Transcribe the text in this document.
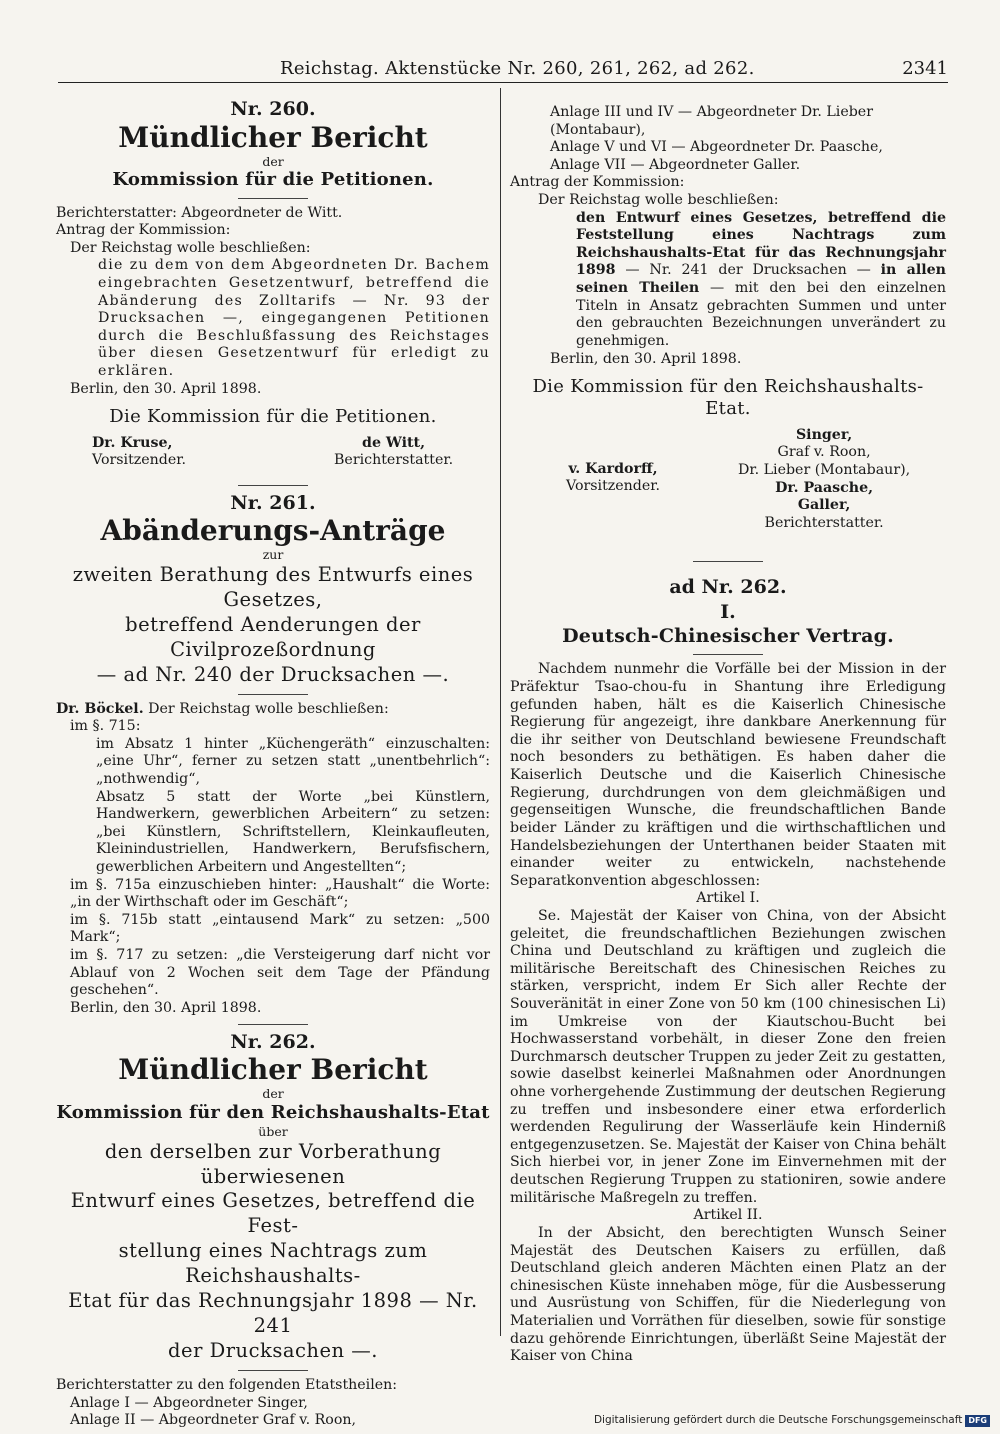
Reichstag. Aktenstücke Nr. 260, 261, 262, ad 262.	2341
Nr. 260.
Mündlicher Bericht
der
Kommission für die Petitionen.

Berichterstatter: Abgeordneter de Witt.

Antrag der Kommission:

Der Reichstag wolle beschließen:

die zu dem von dem Abgeordneten Dr. Bachem eingebrachten Gesetzentwurf, betreffend die Abänderung des Zolltarifs — Nr. 93 der Drucksachen —, eingegangenen Petitionen durch die Beschlußfassung des Reichstages über diesen Gesetzentwurf für erledigt zu erklären.

Berlin, den 30. April 1898.

Die Kommission für die Petitionen.
Dr. Kruse,
Vorsitzender.
de Witt,
Berichterstatter.
Nr. 261.
Abänderungs-Anträge
zur
zweiten Berathung des Entwurfs eines Gesetzes,
betreffend Aenderungen der Civilprozeßordnung
— ad Nr. 240 der Drucksachen —.

Dr. Böckel. Der Reichstag wolle beschließen:

im §. 715:

im Absatz 1 hinter „Küchengeräth“ einzuschalten: „eine Uhr“, ferner zu setzen statt „unentbehrlich“: „nothwendig“,

Absatz 5 statt der Worte „bei Künstlern, Handwerkern, gewerblichen Arbeitern“ zu setzen: „bei Künstlern, Schriftstellern, Kleinkaufleuten, Kleinindustriellen, Handwerkern, Berufsfischern, gewerblichen Arbeitern und Angestellten“;

im §. 715a einzuschieben hinter: „Haushalt“ die Worte: „in der Wirthschaft oder im Geschäft“;

im §. 715b statt „eintausend Mark“ zu setzen: „500 Mark“;

im §. 717 zu setzen: „die Versteigerung darf nicht vor Ablauf von 2 Wochen seit dem Tage der Pfändung geschehen“.

Berlin, den 30. April 1898.

Nr. 262.
Mündlicher Bericht
der
Kommission für den Reichshaushalts-Etat
über
den derselben zur Vorberathung überwiesenen
Entwurf eines Gesetzes, betreffend die Fest-
stellung eines Nachtrags zum Reichshaushalts-
Etat für das Rechnungsjahr 1898 — Nr. 241
der Drucksachen —.

Berichterstatter zu den folgenden Etatstheilen:

Anlage I — Abgeordneter Singer,

Anlage II — Abgeordneter Graf v. Roon,

Anlage III und IV — Abgeordneter Dr. Lieber (Montabaur),

Anlage V und VI — Abgeordneter Dr. Paasche,

Anlage VII — Abgeordneter Galler.

Antrag der Kommission:

Der Reichstag wolle beschließen:

den Entwurf eines Gesetzes, betreffend die Feststellung eines Nachtrags zum Reichshaushalts-Etat für das Rechnungsjahr 1898 — Nr. 241 der Drucksachen — in allen seinen Theilen — mit den bei den einzelnen Titeln in Ansatz gebrachten Summen und unter den gebrauchten Bezeichnungen unverändert zu genehmigen.

Berlin, den 30. April 1898.

Die Kommission für den Reichshaushalts-Etat.
v. Kardorff,
Vorsitzender.
Singer,
Graf v. Roon,
Dr. Lieber (Montabaur),
Dr. Paasche,
Galler,
Berichterstatter.
ad Nr. 262.
I.
Deutsch-Chinesischer Vertrag.

Nachdem nunmehr die Vorfälle bei der Mission in der Präfektur Tsao-chou-fu in Shantung ihre Erledigung gefunden haben, hält es die Kaiserlich Chinesische Regierung für angezeigt, ihre dankbare Anerkennung für die ihr seither von Deutschland bewiesene Freundschaft noch besonders zu bethätigen. Es haben daher die Kaiserlich Deutsche und die Kaiserlich Chinesische Regierung, durchdrungen von dem gleichmäßigen und gegenseitigen Wunsche, die freundschaftlichen Bande beider Länder zu kräftigen und die wirthschaftlichen und Handelsbeziehungen der Unterthanen beider Staaten mit einander weiter zu entwickeln, nachstehende Separatkonvention abgeschlossen:

Artikel I.

Se. Majestät der Kaiser von China, von der Absicht geleitet, die freundschaftlichen Beziehungen zwischen China und Deutschland zu kräftigen und zugleich die militärische Bereitschaft des Chinesischen Reiches zu stärken, verspricht, indem Er Sich aller Rechte der Souveränität in einer Zone von 50 km (100 chinesischen Li) im Umkreise von der Kiautschou-Bucht bei Hochwasserstand vorbehält, in dieser Zone den freien Durchmarsch deutscher Truppen zu jeder Zeit zu gestatten, sowie daselbst keinerlei Maßnahmen oder Anordnungen ohne vorhergehende Zustimmung der deutschen Regierung zu treffen und insbesondere einer etwa erforderlich werdenden Regulirung der Wasserläufe kein Hinderniß entgegenzusetzen. Se. Majestät der Kaiser von China behält Sich hierbei vor, in jener Zone im Einvernehmen mit der deutschen Regierung Truppen zu stationiren, sowie andere militärische Maßregeln zu treffen.

Artikel II.

In der Absicht, den berechtigten Wunsch Seiner Majestät des Deutschen Kaisers zu erfüllen, daß Deutschland gleich anderen Mächten einen Platz an der chinesischen Küste innehaben möge, für die Ausbesserung und Ausrüstung von Schiffen, für die Niederlegung von Materialien und Vorräthen für dieselben, sowie für sonstige dazu gehörende Einrichtungen, überläßt Seine Majestät der Kaiser von China

Digitalisierung gefördert durch die Deutsche Forschungsgemeinschaft DFG
